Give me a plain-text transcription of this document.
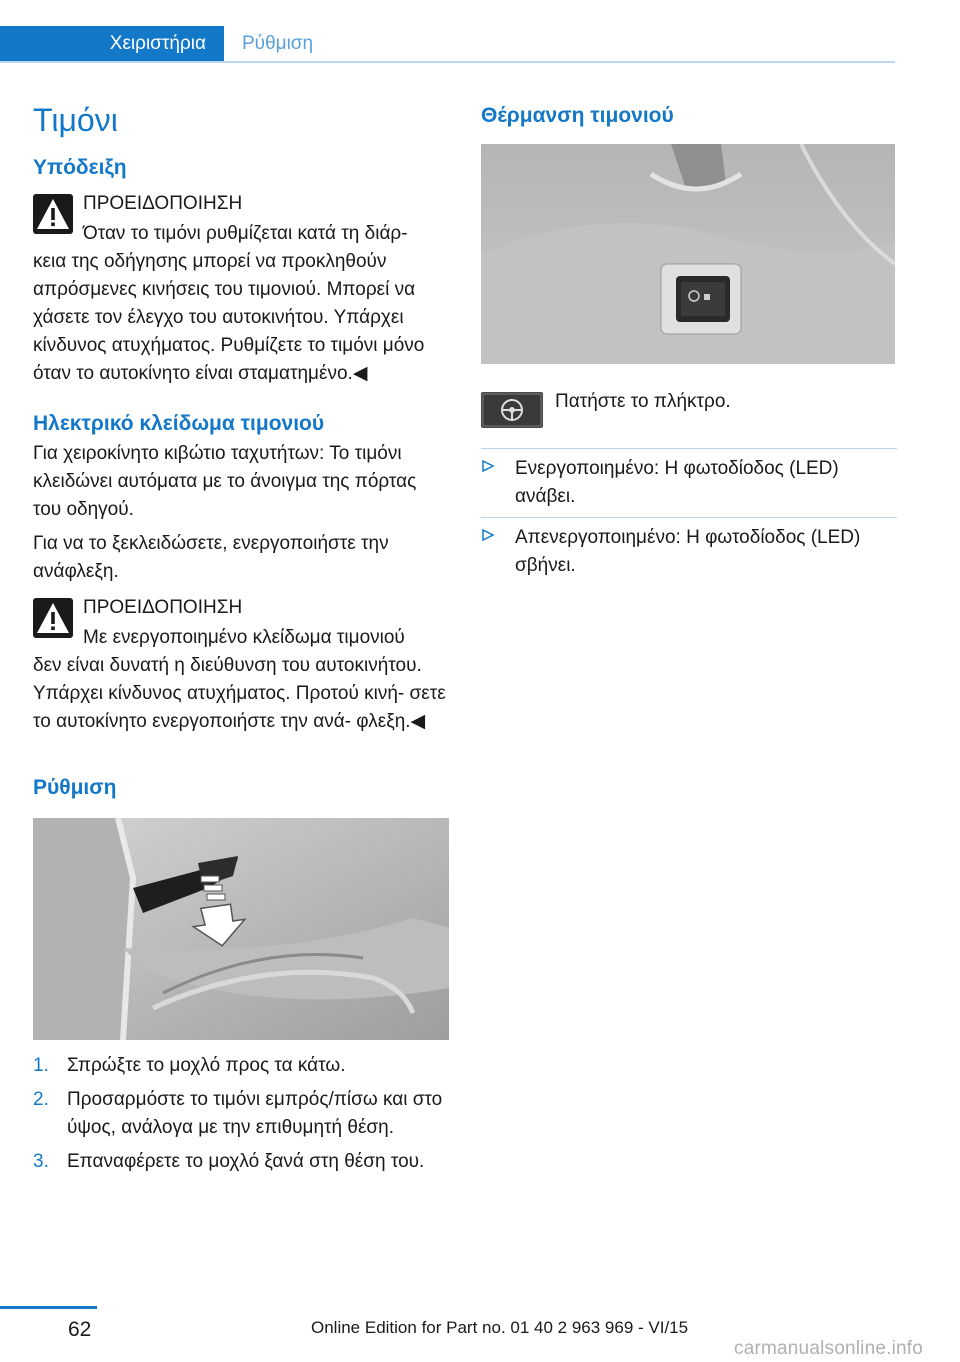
Χειριστήρια	Ρύθμιση
Τιμόνι
Υπόδειξη

ΠΡΟΕΙΔΟΠΟΙΗΣΗ

Όταν το τιμόνι ρυθμίζεται κατά τη διάρ‐

κεια της οδήγησης μπορεί να προκληθούν απρόσμενες κινήσεις του τιμονιού. Μπορεί να χάσετε τον έλεγχο του αυτοκινήτου. Υπάρχει κίνδυνος ατυχήματος. Ρυθμίζετε το τιμόνι μόνο όταν το αυτοκίνητο είναι σταματημένο.◀

Ηλεκτρικό κλείδωμα τιμονιού

Για χειροκίνητο κιβώτιο ταχυτήτων: Το τιμόνι κλειδώνει αυτόματα με το άνοιγμα της πόρτας του οδηγού.

Για να το ξεκλειδώσετε, ενεργοποιήστε την ανάφλεξη.

ΠΡΟΕΙΔΟΠΟΙΗΣΗ

Με ενεργοποιημένο κλείδωμα τιμονιού

δεν είναι δυνατή η διεύθυνση του αυτοκινήτου. Υπάρχει κίνδυνος ατυχήματος. Προτού κινή‐ σετε το αυτοκίνητο ενεργοποιήστε την ανά‐ φλεξη.◀

Ρύθμιση
1. Σπρώξτε το μοχλό προς τα κάτω.
2. Προσαρμόστε το τιμόνι εμπρός/πίσω και στο ύψος, ανάλογα με την επιθυμητή θέση.
3. Επαναφέρετε το μοχλό ξανά στη θέση του.
Θέρμανση τιμονιού

Πατήστε το πλήκτρο.

Ενεργοποιημένο: Η φωτοδίοδος (LED) ανάβει.
Απενεργοποιημένο: Η φωτοδίοδος (LED) σβήνει.
62	Online Edition for Part no. 01 40 2 963 969 - VI/15
carmanualsonline.info
